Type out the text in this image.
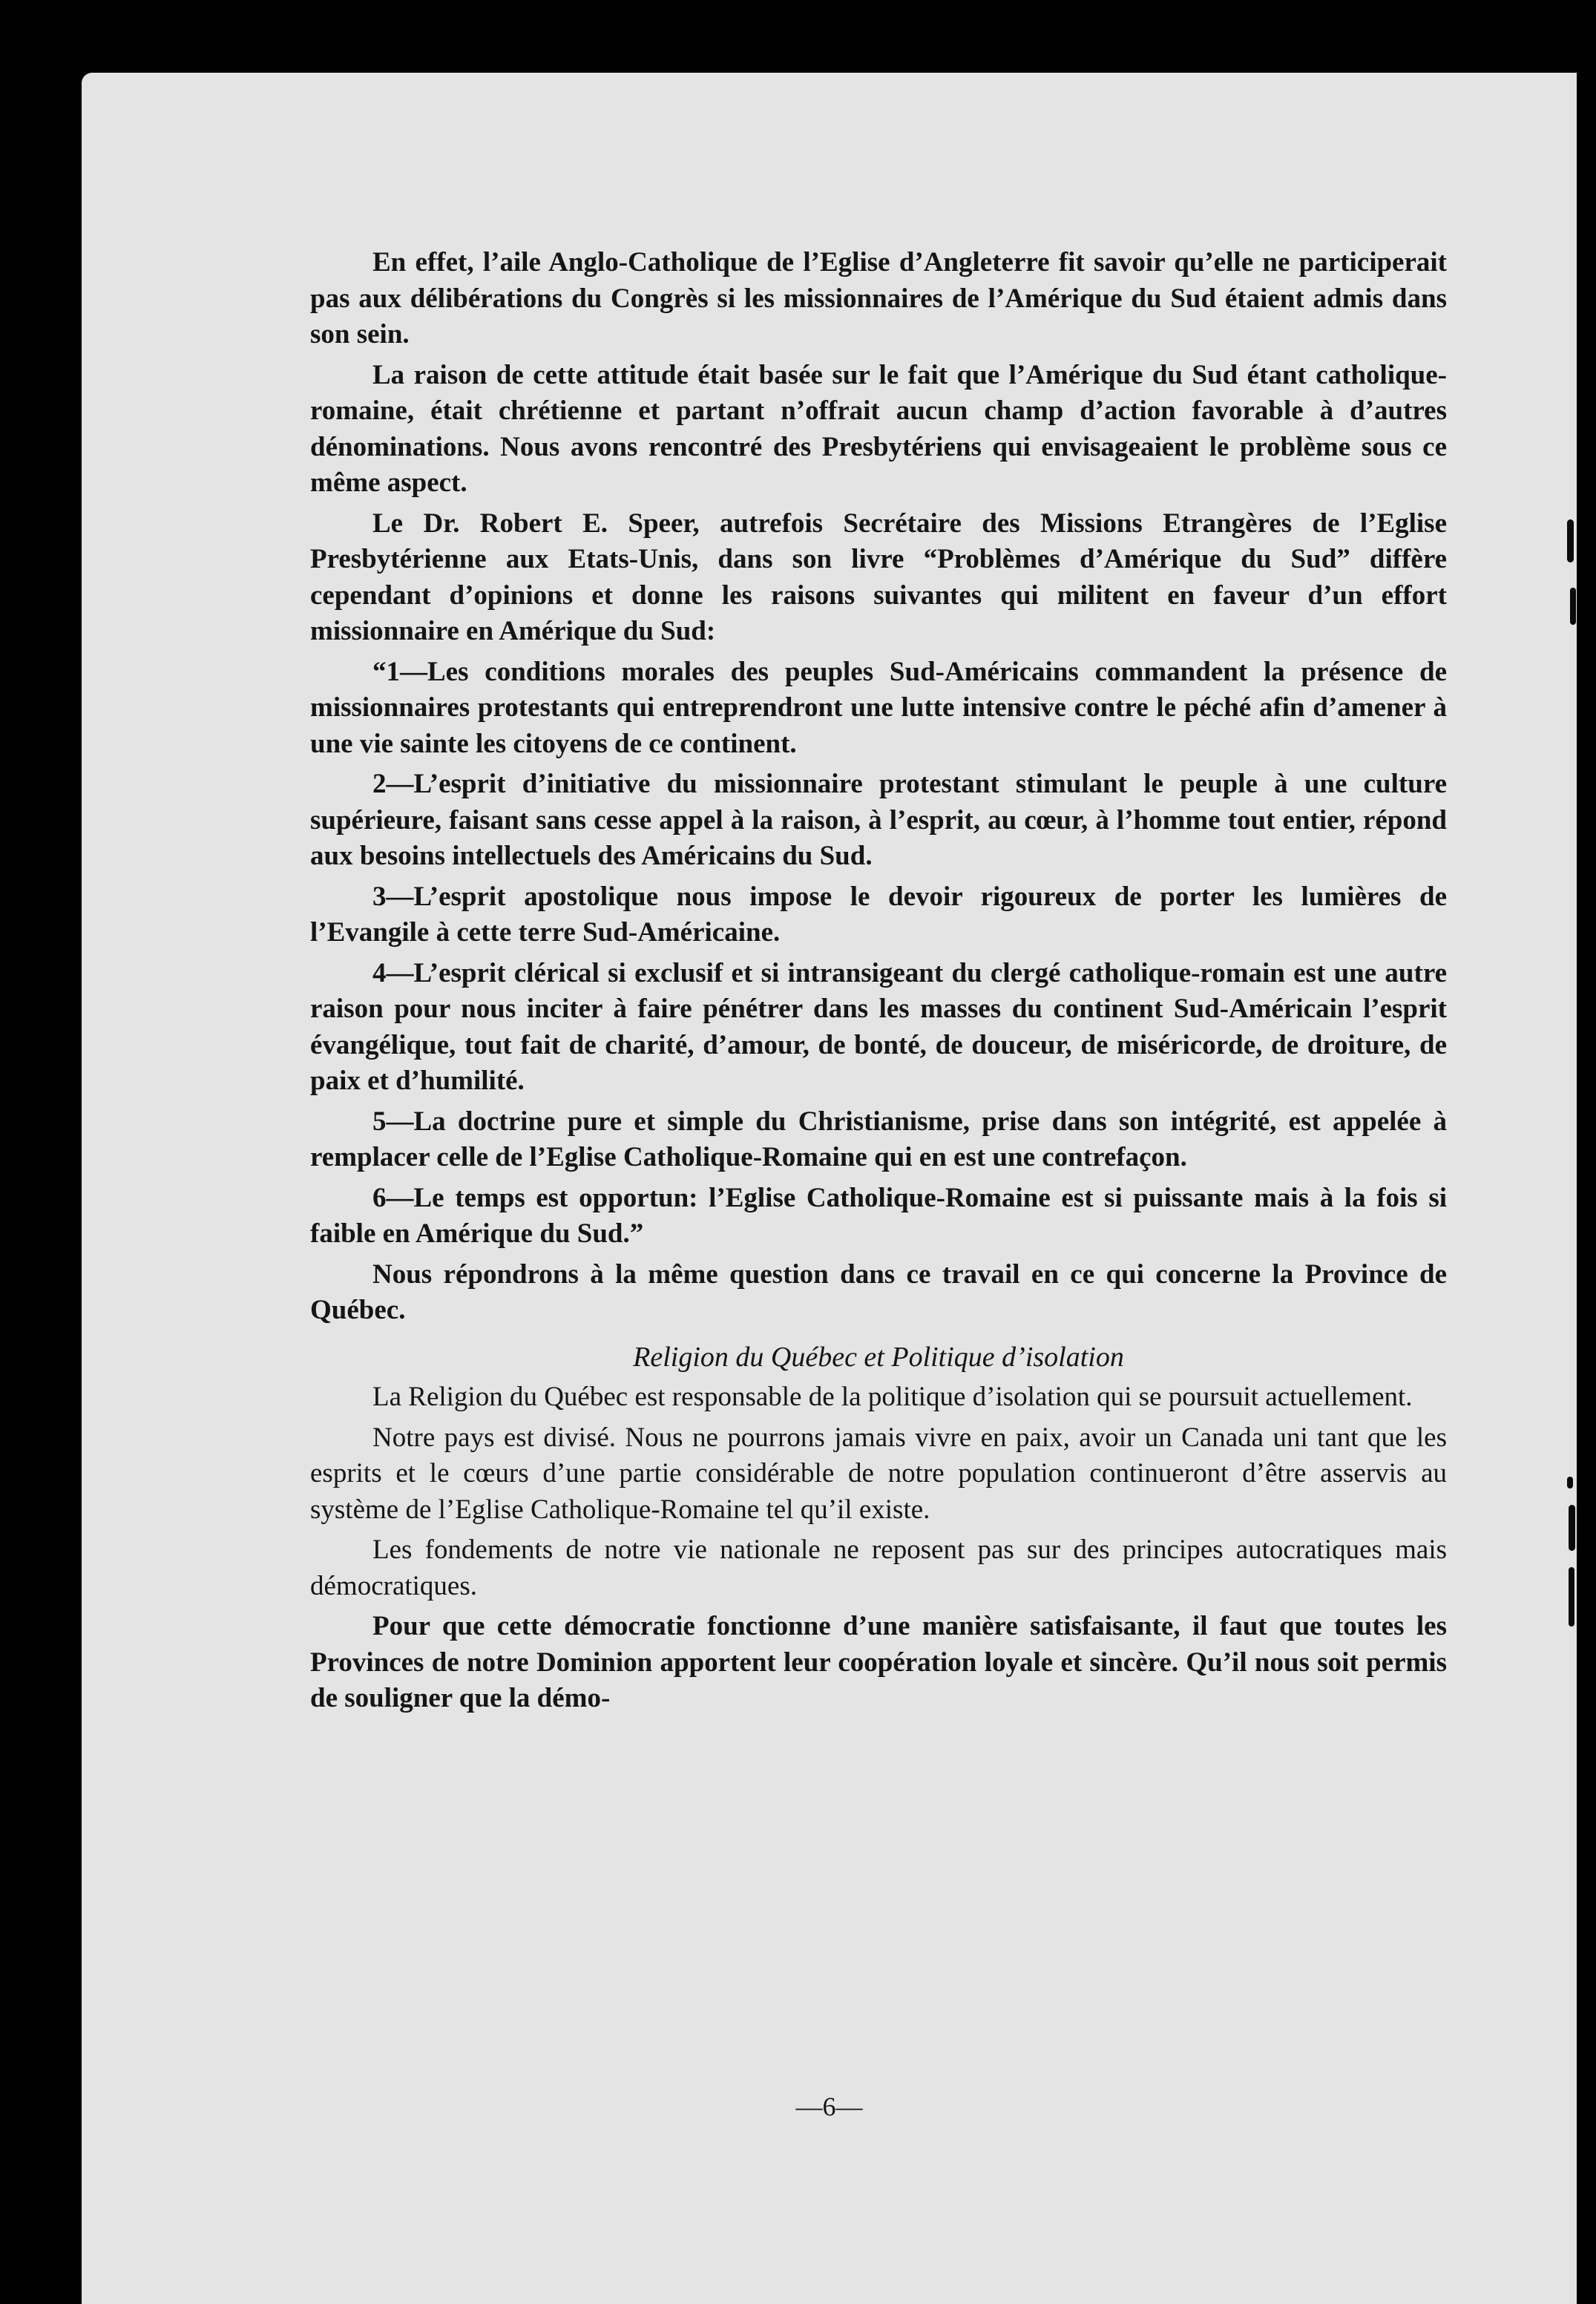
En effet, l’aile Anglo-Catholique de l’Eglise d’Angleterre fit savoir qu’elle ne participerait pas aux délibérations du Congrès si les missionnaires de l’Amérique du Sud étaient admis dans son sein.

La raison de cette attitude était basée sur le fait que l’Amérique du Sud étant catholique-romaine, était chrétienne et partant n’offrait aucun champ d’action favorable à d’autres dénominations. Nous avons rencontré des Presbytériens qui envisageaient le problème sous ce même aspect.

Le Dr. Robert E. Speer, autrefois Secrétaire des Missions Etrangères de l’Eglise Presbytérienne aux Etats-Unis, dans son livre “Problèmes d’Amérique du Sud” diffère cependant d’opinions et donne les raisons suivantes qui militent en faveur d’un effort missionnaire en Amérique du Sud:

“1—Les conditions morales des peuples Sud-Américains commandent la présence de missionnaires protestants qui entreprendront une lutte intensive contre le péché afin d’amener à une vie sainte les citoyens de ce continent.

2—L’esprit d’initiative du missionnaire protestant stimulant le peuple à une culture supérieure, faisant sans cesse appel à la raison, à l’esprit, au cœur, à l’homme tout entier, répond aux besoins intellectuels des Américains du Sud.

3—L’esprit apostolique nous impose le devoir rigoureux de porter les lumières de l’Evangile à cette terre Sud-Américaine.

4—L’esprit clérical si exclusif et si intransigeant du clergé catholique-romain est une autre raison pour nous inciter à faire pénétrer dans les masses du continent Sud-Américain l’esprit évangélique, tout fait de charité, d’amour, de bonté, de douceur, de miséricorde, de droiture, de paix et d’humilité.

5—La doctrine pure et simple du Christianisme, prise dans son intégrité, est appelée à remplacer celle de l’Eglise Catholique-Romaine qui en est une contrefaçon.

6—Le temps est opportun: l’Eglise Catholique-Romaine est si puissante mais à la fois si faible en Amérique du Sud.”

Nous répondrons à la même question dans ce travail en ce qui concerne la Province de Québec.

Religion du Québec et Politique d’isolation

La Religion du Québec est responsable de la politique d’isolation qui se poursuit actuellement.

Notre pays est divisé. Nous ne pourrons jamais vivre en paix, avoir un Canada uni tant que les esprits et le cœurs d’une partie considérable de notre population continueront d’être asservis au système de l’Eglise Catholique-Romaine tel qu’il existe.

Les fondements de notre vie nationale ne reposent pas sur des principes autocratiques mais démocratiques.

Pour que cette démocratie fonctionne d’une manière satisfaisante, il faut que toutes les Provinces de notre Dominion apportent leur coopération loyale et sincère. Qu’il nous soit permis de souligner que la démo-

—6—
